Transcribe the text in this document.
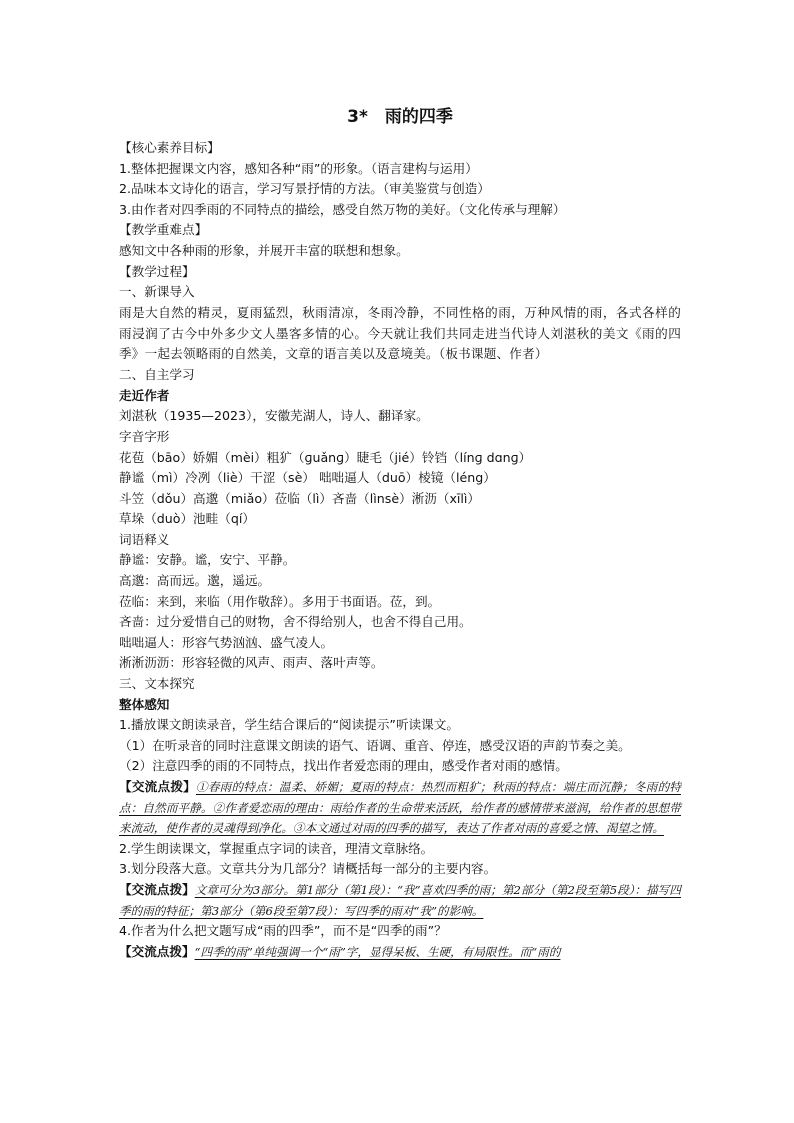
3*　雨的四季
【核心素养目标】
1.整体把握课文内容，感知各种“雨”的形象。（语言建构与运用）
2.品味本文诗化的语言，学习写景抒情的方法。（审美鉴赏与创造）
3.由作者对四季雨的不同特点的描绘，感受自然万物的美好。（文化传承与理解）
【教学重难点】
感知文中各种雨的形象，并展开丰富的联想和想象。
【教学过程】
一、新课导入
雨是大自然的精灵，夏雨猛烈，秋雨清凉，冬雨冷静，不同性格的雨，万种风情的雨，各式各样的雨浸润了古今中外多少文人墨客多情的心。今天就让我们共同走进当代诗人刘湛秋的美文《雨的四季》一起去领略雨的自然美，文章的语言美以及意境美。（板书课题、作者）
二、自主学习
走近作者
刘湛秋（1935—2023），安徽芜湖人，诗人、翻译家。
字音字形
花苞（bāo）娇媚（mèi）粗犷（ɡuǎnɡ）睫毛（jié）铃铛（línɡ dɑnɡ）
静谧（mì）冷冽（liè）干涩（sè） 咄咄逼人（duō）棱镜（léng）
斗笠（dǒu）高邈（miǎo）莅临（lì）吝啬（lìnsè）淅沥（xīlì）
草垛（duò）池畦（qí）
词语释义
静谧：安静。谧，安宁、平静。
高邈：高而远。邈，遥远。
莅临：来到，来临（用作敬辞）。多用于书面语。莅，到。
吝啬：过分爱惜自己的财物，舍不得给别人，也舍不得自己用。
咄咄逼人：形容气势汹汹、盛气凌人。
淅淅沥沥：形容轻微的风声、雨声、落叶声等。
三、文本探究
整体感知
1.播放课文朗读录音，学生结合课后的“阅读提示”听读课文。
（1）在听录音的同时注意课文朗读的语气、语调、重音、停连，感受汉语的声韵节奏之美。
（2）注意四季的雨的不同特点，找出作者爱恋雨的理由，感受作者对雨的感情。
【交流点拨】①春雨的特点：温柔、娇媚；夏雨的特点：热烈而粗犷；秋雨的特点：端庄而沉静；冬雨的特点：自然而平静。②作者爱恋雨的理由：雨给作者的生命带来活跃，给作者的感情带来滋润，给作者的思想带来流动，使作者的灵魂得到净化。③本文通过对雨的四季的描写，表达了作者对雨的喜爱之情、渴望之情。
2.学生朗读课文，掌握重点字词的读音，理清文章脉络。
3.划分段落大意。文章共分为几部分？请概括每一部分的主要内容。
【交流点拨】文章可分为3部分。第1部分（第1段）：“我”喜欢四季的雨；第2部分（第2段至第5段）：描写四季的雨的特征；第3部分（第6段至第7段）：写四季的雨对“我”的影响。
4.作者为什么把文题写成“雨的四季”，而不是“四季的雨”？
【交流点拨】“四季的雨”单纯强调一个“雨”字，显得呆板、生硬，有局限性。而“雨的
